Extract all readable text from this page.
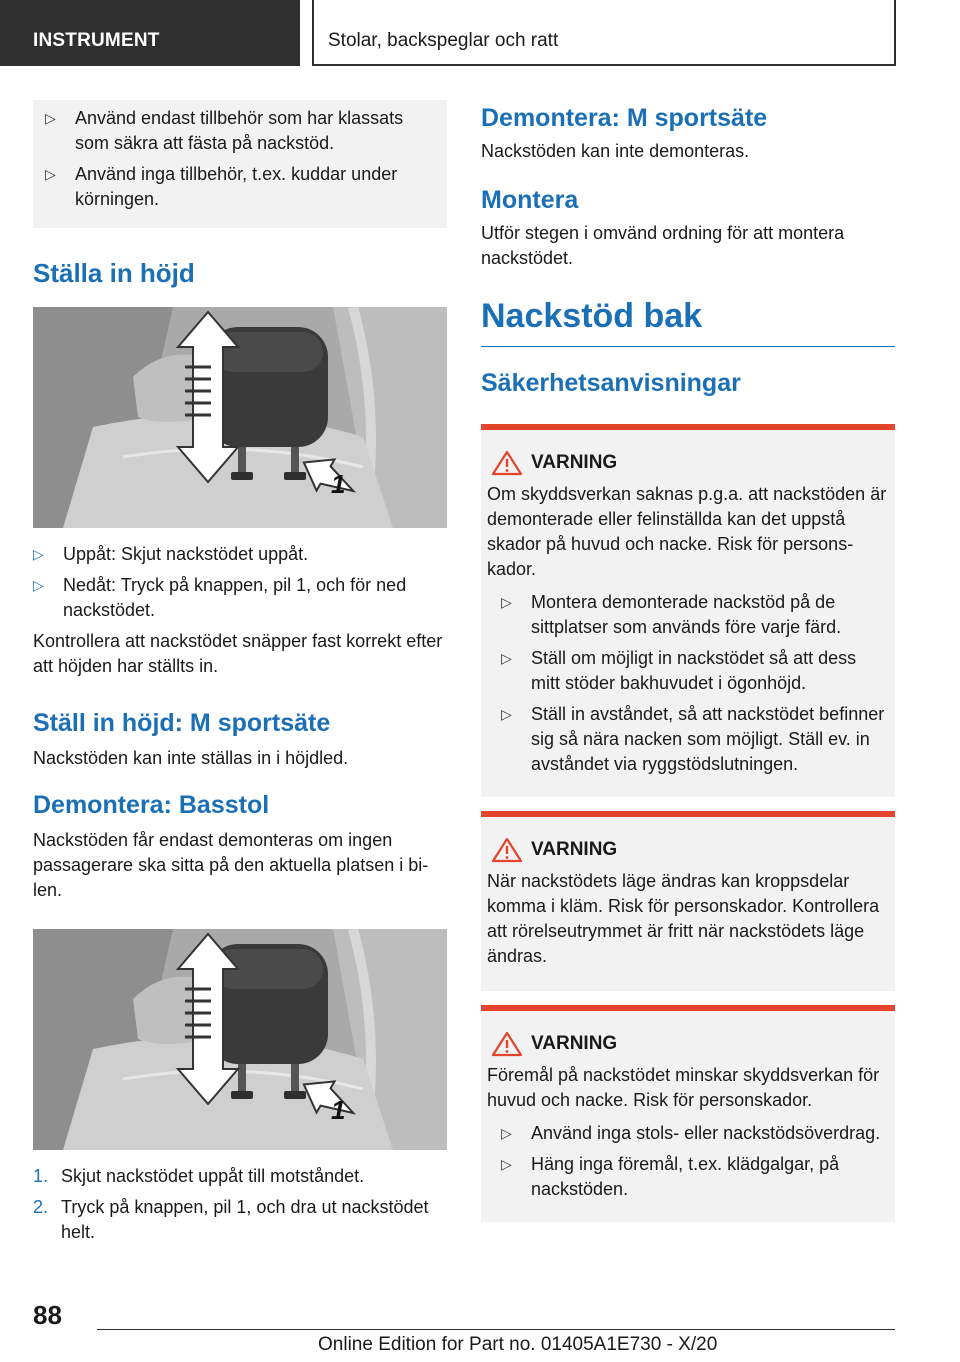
INSTRUMENT	Stolar, backspeglar och ratt
▷ Använd endast tillbehör som har klassats som säkra att fästa på nackstöd.
▷ Använd inga tillbehör, t.ex. kuddar under körningen.
Ställa in höjd
1
▷ Uppåt: Skjut nackstödet uppåt.
▷ Nedåt: Tryck på knappen, pil 1, och för ned nackstödet.

Kontrollera att nackstödet snäpper fast korrekt efter att höjden har ställts in.

Ställ in höjd: M sportsäte

Nackstöden kan inte ställas in i höjdled.

Demontera: Basstol

Nackstöden får endast demonteras om ingen passagerare ska sitta på den aktuella platsen i bilen.

1
1. Skjut nackstödet uppåt till motståndet.
2. Tryck på knappen, pil 1, och dra ut nackstödet helt.
Demontera: M sportsäte

Nackstöden kan inte demonteras.

Montera

Utför stegen i omvänd ordning för att montera nackstödet.

Nackstöd bak
Säkerhetsanvisningar
VARNING

Om skyddsverkan saknas p.g.a. att nackstöden är demonterade eller felinställda kan det uppstå skador på huvud och nacke. Risk för personskador.

▷ Montera demonterade nackstöd på de sittplatser som används före varje färd.
▷ Ställ om möjligt in nackstödet så att dess mitt stöder bakhuvudet i ögonhöjd.
▷ Ställ in avståndet, så att nackstödet befinner sig så nära nacken som möjligt. Ställ ev. in avståndet via ryggstödslutningen.
VARNING

När nackstödets läge ändras kan kroppsdelar komma i kläm. Risk för personskador. Kontrollera att rörelseutrymmet är fritt när nackstödets läge ändras.

VARNING

Föremål på nackstödet minskar skyddsverkan för huvud och nacke. Risk för personskador.

▷ Använd inga stols- eller nackstödsöverdrag.
▷ Häng inga föremål, t.ex. klädgalgar, på nackstöden.
88
Online Edition for Part no. 01405A1E730 - X/20
